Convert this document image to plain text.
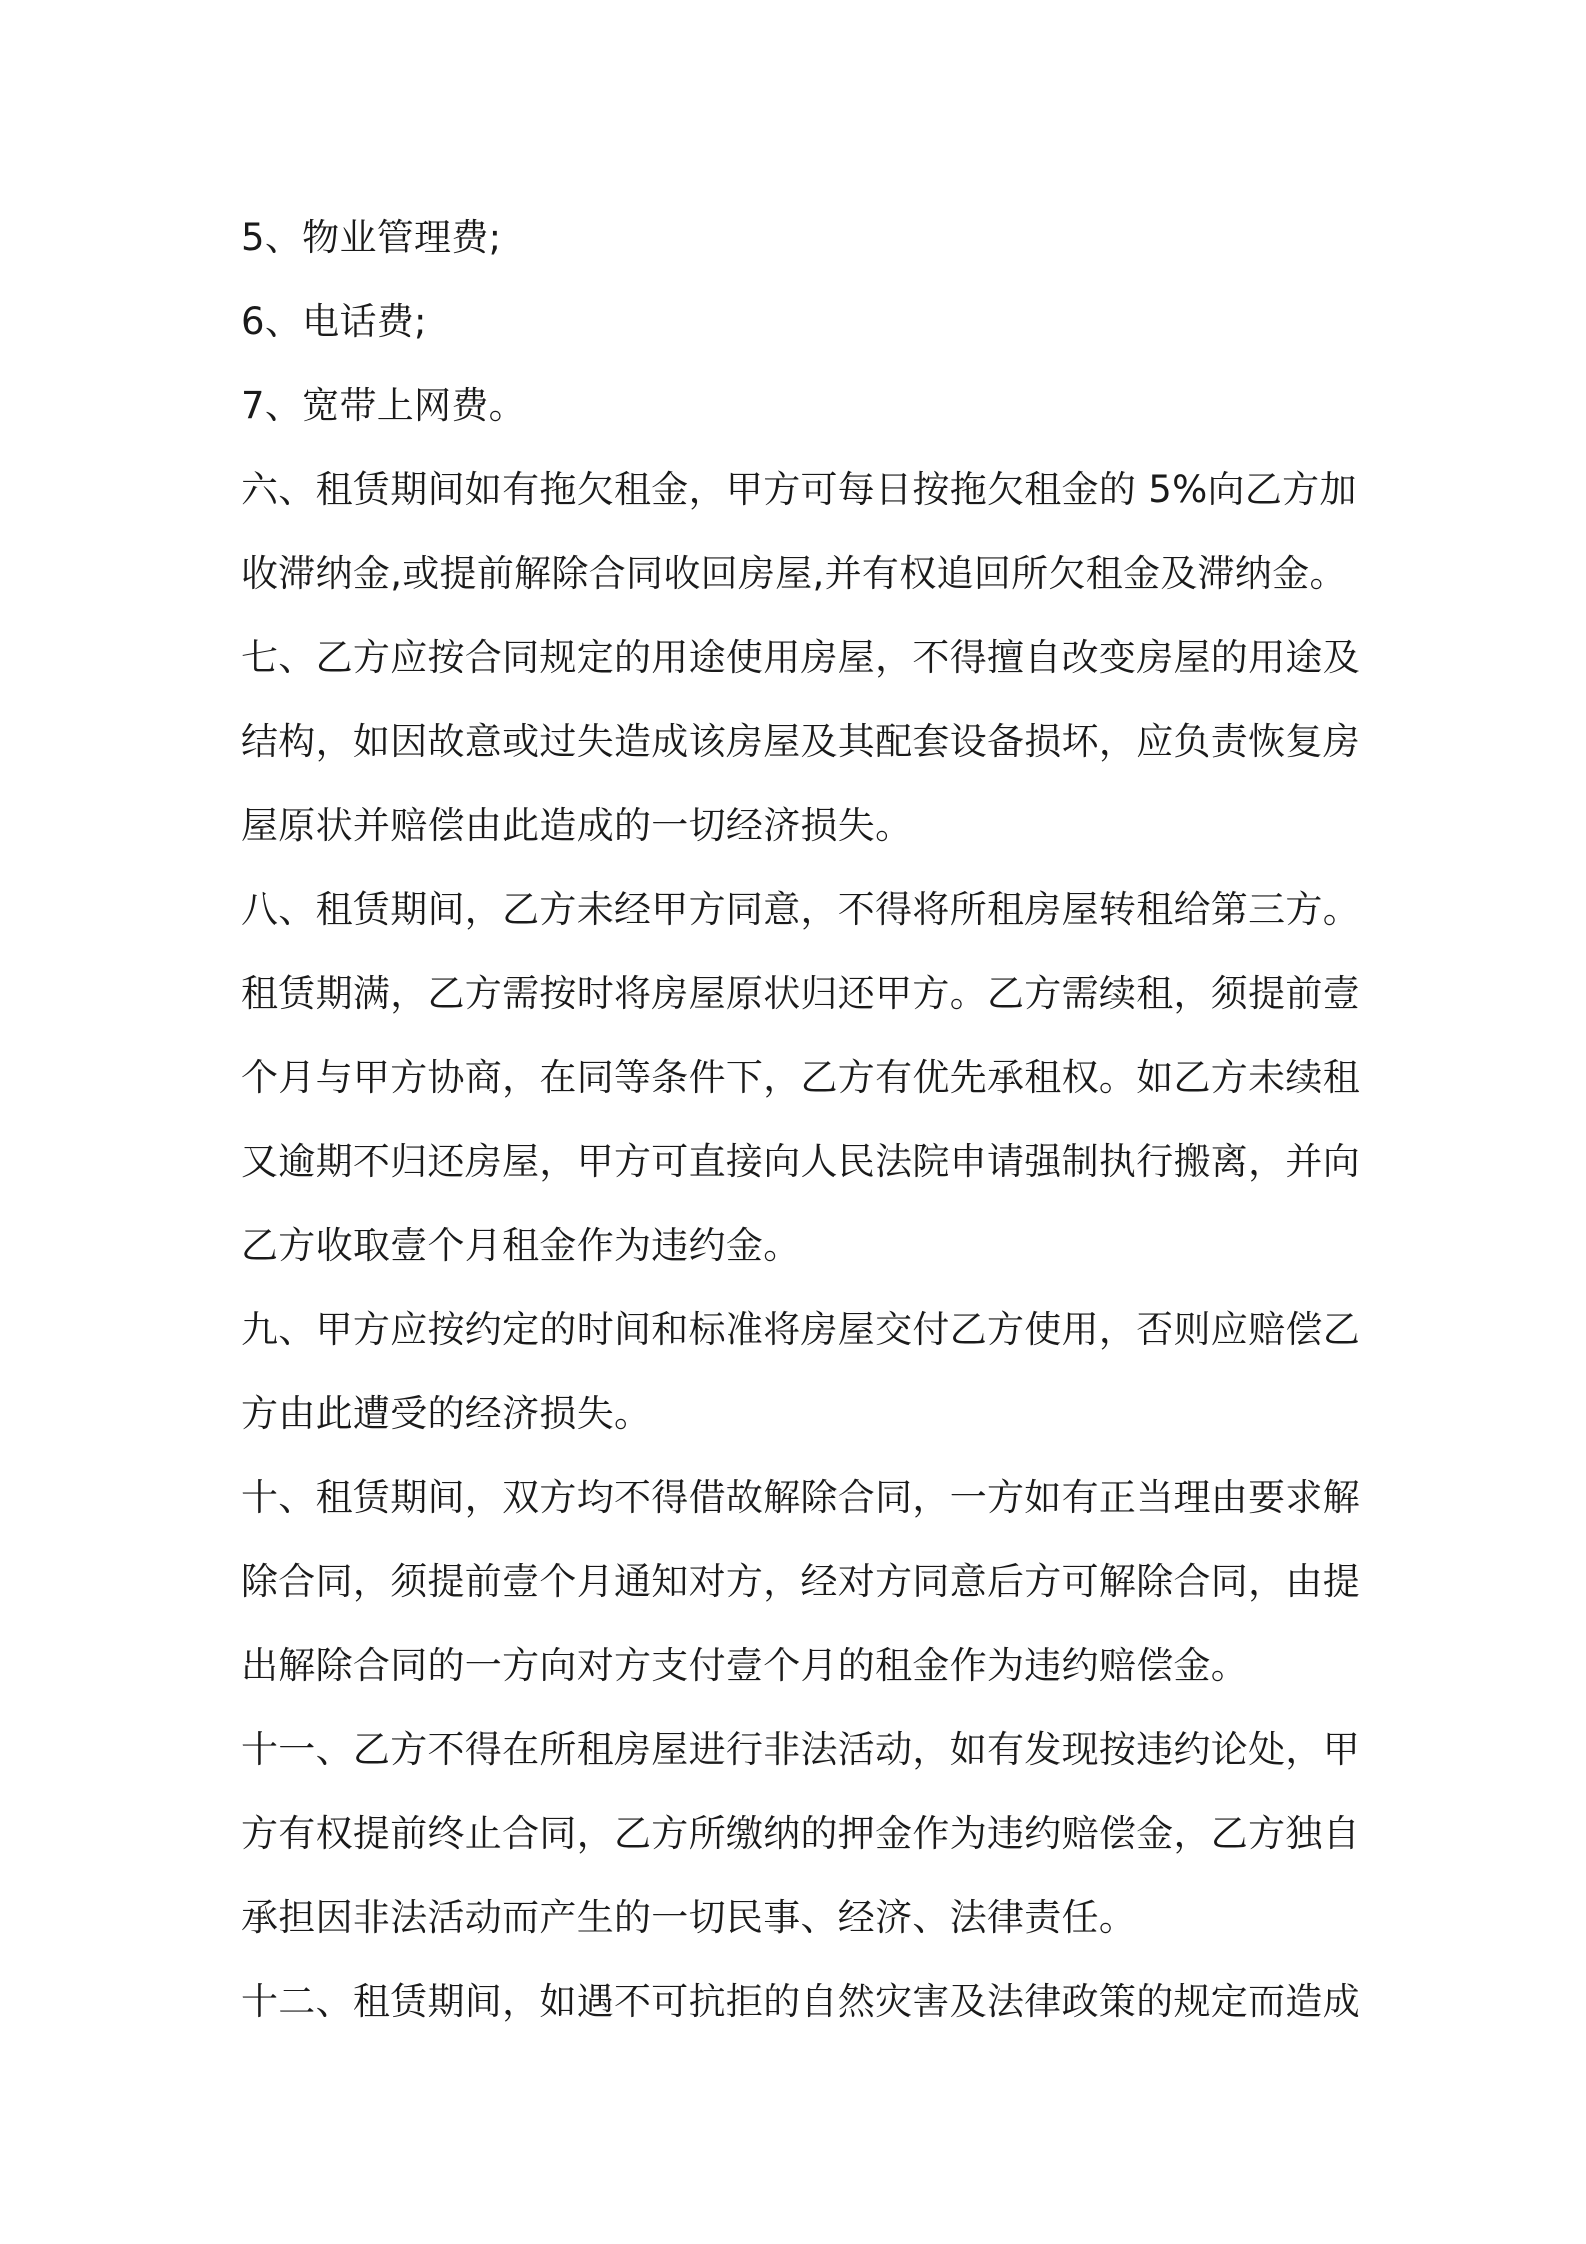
5、物业管理费;
6、电话费;
7、宽带上网费。
六、租赁期间如有拖欠租金，甲方可每日按拖欠租金的 5%向乙方加
收滞纳金,或提前解除合同收回房屋,并有权追回所欠租金及滞纳金。
七、乙方应按合同规定的用途使用房屋，不得擅自改变房屋的用途及
结构，如因故意或过失造成该房屋及其配套设备损坏，应负责恢复房
屋原状并赔偿由此造成的一切经济损失。
八、租赁期间，乙方未经甲方同意，不得将所租房屋转租给第三方。
租赁期满，乙方需按时将房屋原状归还甲方。乙方需续租，须提前壹
个月与甲方协商，在同等条件下，乙方有优先承租权。如乙方未续租
又逾期不归还房屋，甲方可直接向人民法院申请强制执行搬离，并向
乙方收取壹个月租金作为违约金。
九、甲方应按约定的时间和标准将房屋交付乙方使用，否则应赔偿乙
方由此遭受的经济损失。
十、租赁期间，双方均不得借故解除合同，一方如有正当理由要求解
除合同，须提前壹个月通知对方，经对方同意后方可解除合同，由提
出解除合同的一方向对方支付壹个月的租金作为违约赔偿金。
十一、乙方不得在所租房屋进行非法活动，如有发现按违约论处，甲
方有权提前终止合同，乙方所缴纳的押金作为违约赔偿金，乙方独自
承担因非法活动而产生的一切民事、经济、法律责任。
十二、租赁期间，如遇不可抗拒的自然灾害及法律政策的规定而造成
